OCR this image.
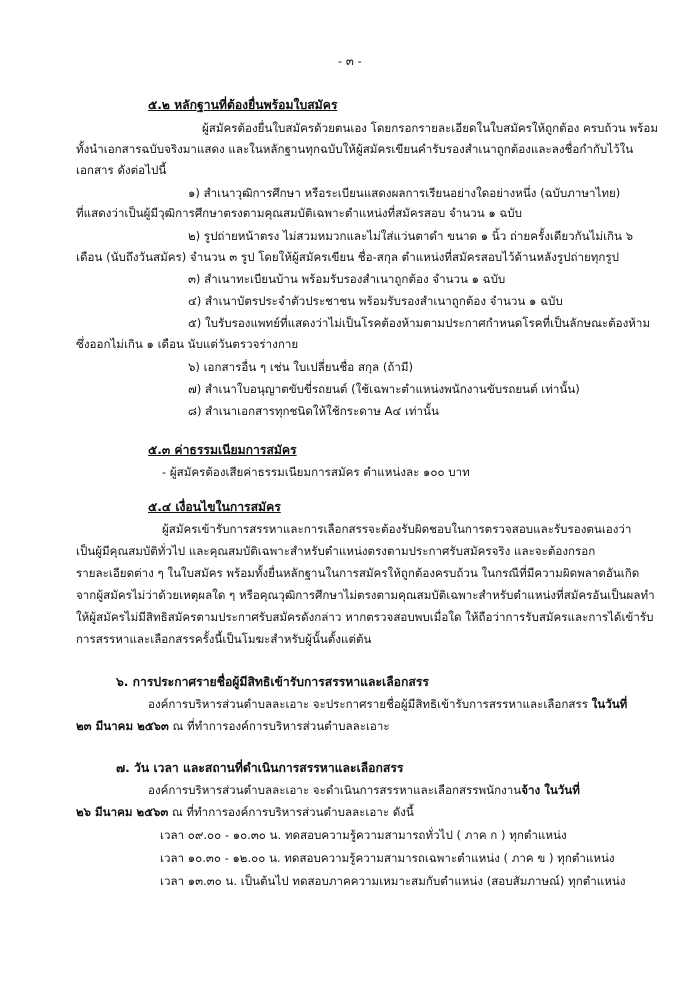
- ๓ -
๕.๒ หลักฐานที่ต้องยื่นพร้อมใบสมัคร
ผู้สมัครต้องยื่นใบสมัครด้วยตนเอง โดยกรอกรายละเอียดในใบสมัครให้ถูกต้อง ครบถ้วน พร้อม
ทั้งนำเอกสารฉบับจริงมาแสดง และในหลักฐานทุกฉบับให้ผู้สมัครเขียนคำรับรองสำเนาถูกต้องและลงชื่อกำกับไว้ใน
เอกสาร ดังต่อไปนี้
๑) สำเนาวุฒิการศึกษา หรือระเบียนแสดงผลการเรียนอย่างใดอย่างหนึ่ง (ฉบับภาษาไทย)
ที่แสดงว่าเป็นผู้มีวุฒิการศึกษาตรงตามคุณสมบัติเฉพาะตำแหน่งที่สมัครสอบ จำนวน ๑ ฉบับ
๒) รูปถ่ายหน้าตรง ไม่สวมหมวกและไม่ใส่แว่นตาดำ ขนาด ๑ นิ้ว ถ่ายครั้งเดียวกันไม่เกิน ๖
เดือน (นับถึงวันสมัคร) จำนวน ๓ รูป โดยให้ผู้สมัครเขียน ชื่อ-สกุล ตำแหน่งที่สมัครสอบไว้ด้านหลังรูปถ่ายทุกรูป
๓) สำเนาทะเบียนบ้าน พร้อมรับรองสำเนาถูกต้อง จำนวน ๑ ฉบับ
๔) สำเนาบัตรประจำตัวประชาชน พร้อมรับรองสำเนาถูกต้อง จำนวน ๑ ฉบับ
๕) ใบรับรองแพทย์ที่แสดงว่าไม่เป็นโรคต้องห้ามตามประกาศกำหนดโรคที่เป็นลักษณะต้องห้าม
ซึ่งออกไม่เกิน ๑ เดือน นับแต่วันตรวจร่างกาย
๖) เอกสารอื่น ๆ เช่น ใบเปลี่ยนชื่อ สกุล (ถ้ามี)
๗) สำเนาใบอนุญาตขับขี่รถยนต์ (ใช้เฉพาะตำแหน่งพนักงานขับรถยนต์ เท่านั้น)
๘) สำเนาเอกสารทุกชนิดให้ใช้กระดาษ A๔ เท่านั้น
๕.๓ ค่าธรรมเนียมการสมัคร
- ผู้สมัครต้องเสียค่าธรรมเนียมการสมัคร ตำแหน่งละ ๑๐๐ บาท
๕.๔ เงื่อนไขในการสมัคร
ผู้สมัครเข้ารับการสรรหาและการเลือกสรรจะต้องรับผิดชอบในการตรวจสอบและรับรองตนเองว่า
เป็นผู้มีคุณสมบัติทั่วไป และคุณสมบัติเฉพาะสำหรับตำแหน่งตรงตามประกาศรับสมัครจริง และจะต้องกรอก
รายละเอียดต่าง ๆ ในใบสมัคร พร้อมทั้งยื่นหลักฐานในการสมัครให้ถูกต้องครบถ้วน ในกรณีที่มีความผิดพลาดอันเกิด
จากผู้สมัครไม่ว่าด้วยเหตุผลใด ๆ หรือคุณวุฒิการศึกษาไม่ตรงตามคุณสมบัติเฉพาะสำหรับตำแหน่งที่สมัครอันเป็นผลทำ
ให้ผู้สมัครไม่มีสิทธิสมัครตามประกาศรับสมัครดังกล่าว หากตรวจสอบพบเมื่อใด ให้ถือว่าการรับสมัครและการได้เข้ารับ
การสรรหาและเลือกสรรครั้งนี้เป็นโมฆะสำหรับผู้นั้นตั้งแต่ต้น
๖. การประกาศรายชื่อผู้มีสิทธิเข้ารับการสรรหาและเลือกสรร
องค์การบริหารส่วนตำบลละเอาะ จะประกาศรายชื่อผู้มีสิทธิเข้ารับการสรรหาและเลือกสรร ในวันที่
๒๓ มีนาคม ๒๕๖๓ ณ ที่ทำการองค์การบริหารส่วนตำบลละเอาะ
๗. วัน เวลา และสถานที่ดำเนินการสรรหาและเลือกสรร
องค์การบริหารส่วนตำบลละเอาะ จะดำเนินการสรรหาและเลือกสรรพนักงานจ้าง ในวันที่
๒๖ มีนาคม ๒๕๖๓ ณ ที่ทำการองค์การบริหารส่วนตำบลละเอาะ ดังนี้
เวลา ๐๙.๐๐ - ๑๐.๓๐ น. ทดสอบความรู้ความสามารถทั่วไป ( ภาค ก ) ทุกตำแหน่ง
เวลา ๑๐.๓๐ - ๑๒.๐๐ น. ทดสอบความรู้ความสามารถเฉพาะตำแหน่ง ( ภาค ข ) ทุกตำแหน่ง
เวลา ๑๓.๓๐ น. เป็นต้นไป ทดสอบภาคความเหมาะสมกับตำแหน่ง (สอบสัมภาษณ์) ทุกตำแหน่ง
